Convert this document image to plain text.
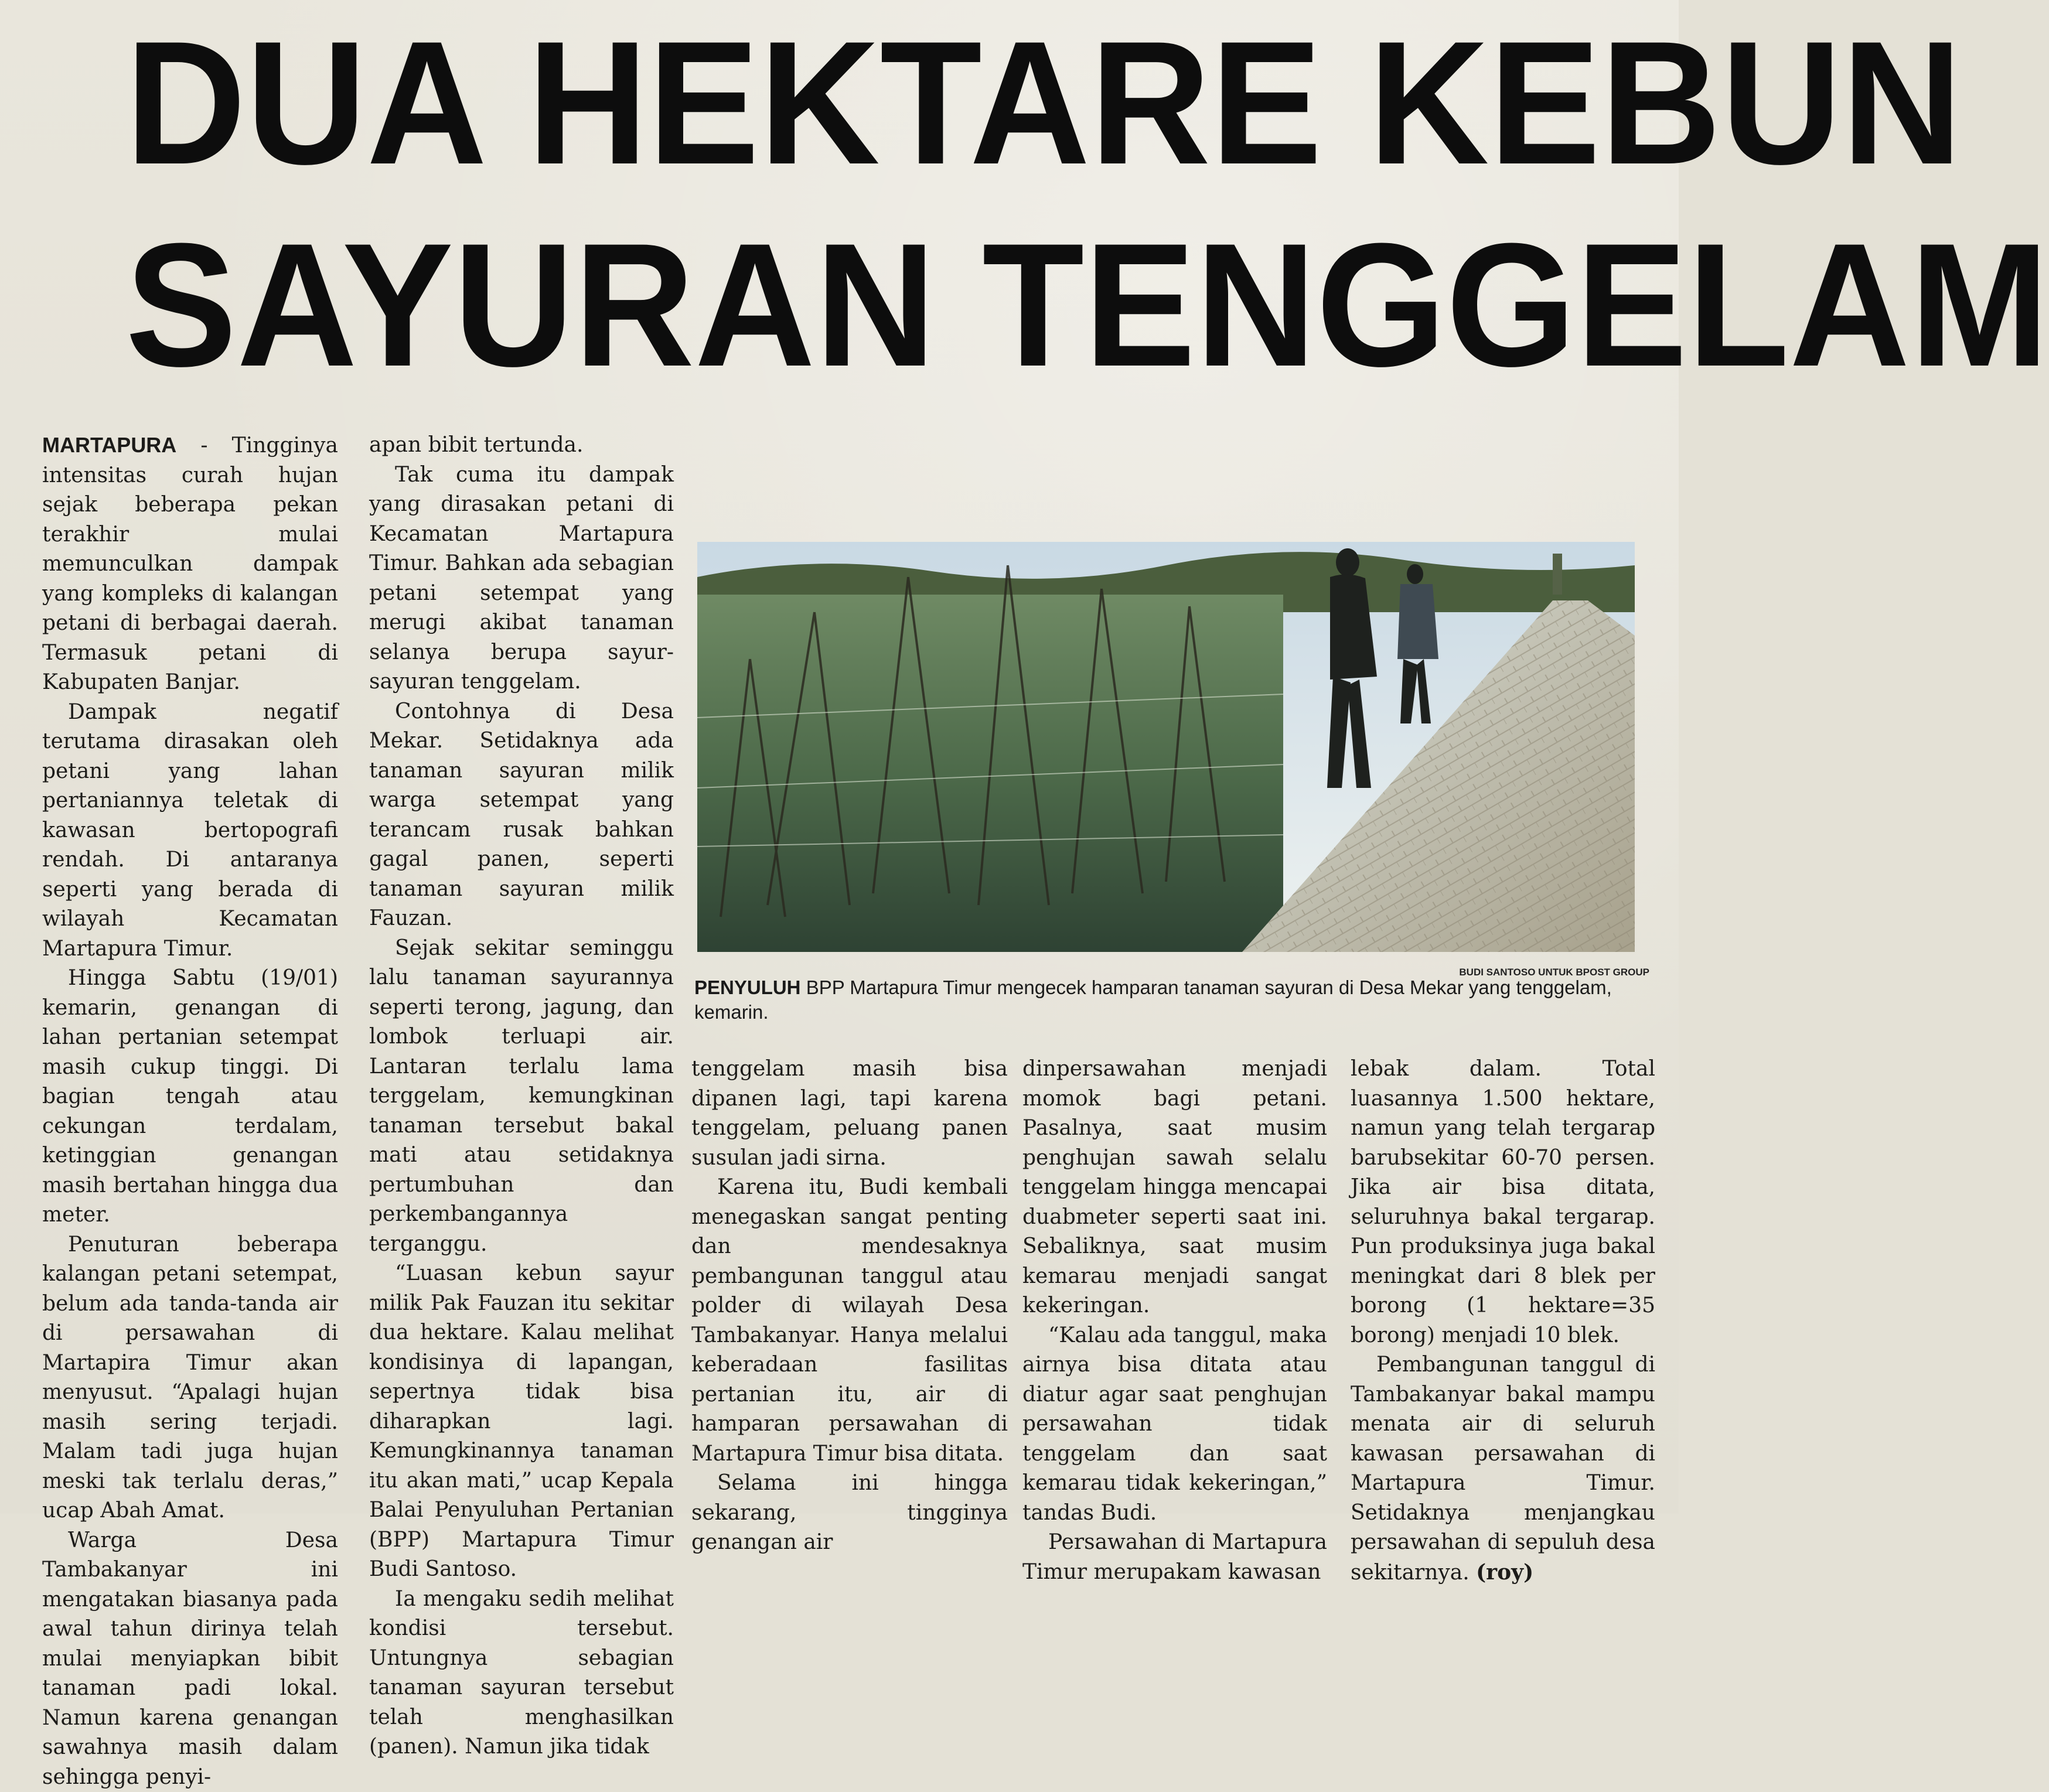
DUA HEKTARE KEBUN
SAYURAN TENGGELAM

MARTAPURA - Tingginya intensitas curah hujan sejak beberapa pekan terakhir mulai memunculkan dampak yang kompleks di kalangan petani di berbagai daerah. Termasuk petani di Kabupaten Banjar.

Dampak negatif terutama dirasakan oleh petani yang lahan pertaniannya teletak di kawasan bertopografi rendah. Di antaranya seperti yang berada di wilayah Kecamatan Martapura Timur.

Hingga Sabtu (19/01) kemarin, genangan di lahan pertanian setempat masih cukup tinggi. Di bagian tengah atau cekungan terdalam, ketinggian genangan masih bertahan hingga dua meter.

Penuturan beberapa kalangan petani setempat, belum ada tanda-tanda air di persawahan di Martapira Timur akan menyusut. “Apalagi hujan masih sering terjadi. Malam tadi juga hujan meski tak terlalu deras,” ucap Abah Amat.

Warga Desa Tambakanyar ini mengatakan biasanya pada awal tahun dirinya telah mulai menyiapkan bibit tanaman padi lokal. Namun karena genangan sawahnya masih dalam sehingga penyi-

apan bibit tertunda.

Tak cuma itu dampak yang dirasakan petani di Kecamatan Martapura Timur. Bahkan ada sebagian petani setempat yang merugi akibat tanaman selanya berupa sayur-sayuran tenggelam.

Contohnya di Desa Mekar. Setidaknya ada tanaman sayuran milik warga setempat yang terancam rusak bahkan gagal panen, seperti tanaman sayuran milik Fauzan.

Sejak sekitar seminggu lalu tanaman sayurannya seperti terong, jagung, dan lombok terluapi air. Lantaran terlalu lama terggelam, kemungkinan tanaman tersebut bakal mati atau setidaknya pertumbuhan dan perkembangannya terganggu.

“Luasan kebun sayur milik Pak Fauzan itu sekitar dua hektare. Kalau melihat kondisinya di lapangan, sepertnya tidak bisa diharapkan lagi. Kemungkinannya tanaman itu akan mati,” ucap Kepala Balai Penyuluhan Pertanian (BPP) Martapura Timur Budi Santoso.

Ia mengaku sedih melihat kondisi tersebut. Untungnya sebagian tanaman sayuran tersebut telah menghasilkan (panen). Namun jika tidak

BUDI SANTOSO UNTUK BPOST GROUP

PENYULUH BPP Martapura Timur mengecek hamparan tanaman sayuran di Desa Mekar yang tenggelam, kemarin.

tenggelam masih bisa dipanen lagi, tapi karena tenggelam, peluang panen susulan jadi sirna.

Karena itu, Budi kembali menegaskan sangat penting dan mendesaknya pembangunan tanggul atau polder di wilayah Desa Tambakanyar. Hanya melalui keberadaan fasilitas pertanian itu, air di hamparan persawahan di Martapura Timur bisa ditata.

Selama ini hingga sekarang, tingginya genangan air

dinpersawahan menjadi momok bagi petani. Pasalnya, saat musim penghujan sawah selalu tenggelam hingga mencapai duabmeter seperti saat ini. Sebaliknya, saat musim kemarau menjadi sangat kekeringan.

“Kalau ada tanggul, maka airnya bisa ditata atau diatur agar saat penghujan persawahan tidak tenggelam dan saat kemarau tidak kekeringan,” tandas Budi.

Persawahan di Martapura Timur merupakam kawasan

lebak dalam. Total luasannya 1.500 hektare, namun yang telah tergarap barubsekitar 60-70 persen. Jika air bisa ditata, seluruhnya bakal tergarap. Pun produksinya juga bakal meningkat dari 8 blek per borong (1 hektare=35 borong) menjadi 10 blek.

Pembangunan tanggul di Tambakanyar bakal mampu menata air di seluruh kawasan persawahan di Martapura Timur. Setidaknya menjangkau persawahan di sepuluh desa sekitarnya. (roy)
